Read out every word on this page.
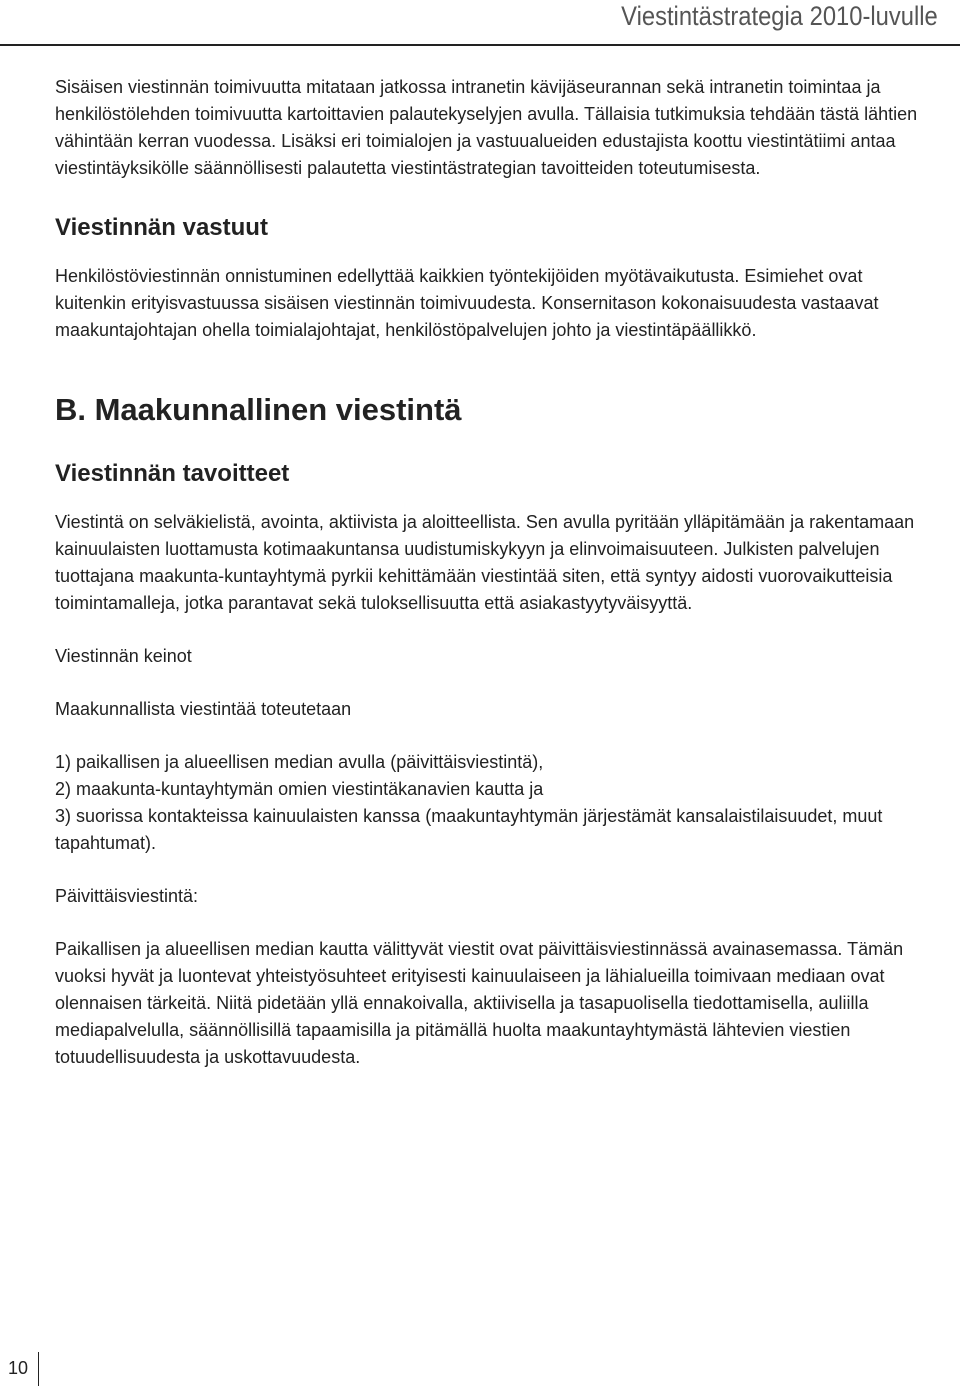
Viestintästrategia 2010-luvulle

Sisäisen viestinnän toimivuutta mitataan jatkossa intranetin kävijäseurannan sekä intranetin toimintaa ja henkilöstölehden toimivuutta kartoittavien palautekyselyjen avulla. Tällaisia tutkimuksia tehdään tästä lähtien vähintään kerran vuodessa. Lisäksi eri toimialojen ja vastuualueiden edustajista koottu viestintätiimi antaa viestintäyksikölle säännöllisesti palautetta viestintästrategian tavoitteiden toteutumisesta.

Viestinnän vastuut

Henkilöstöviestinnän onnistuminen edellyttää kaikkien työntekijöiden myötävaikutusta. Esimiehet ovat kuitenkin erityisvastuussa sisäisen viestinnän toimivuudesta. Konsernitason kokonaisuudesta vastaavat maakuntajohtajan ohella toimialajohtajat, henkilöstöpalvelujen johto ja viestintäpäällikkö.

B. Maakunnallinen viestintä
Viestinnän tavoitteet

Viestintä on selväkielistä, avointa, aktiivista ja aloitteellista. Sen avulla pyritään ylläpitämään ja rakentamaan kainuulaisten luottamusta kotimaakuntansa uudistumiskykyyn ja elinvoimaisuuteen. Julkisten palvelujen tuottajana maakunta-kuntayhtymä pyrkii kehittämään viestintää siten, että syntyy aidosti vuorovaikutteisia toimintamalleja, jotka parantavat sekä tuloksellisuutta että asiakastyytyväisyyttä.

Viestinnän keinot

Maakunnallista viestintää toteutetaan

1) paikallisen ja alueellisen median avulla (päivittäisviestintä),
2) maakunta-kuntayhtymän omien viestintäkanavien kautta ja
3) suorissa kontakteissa kainuulaisten kanssa (maakuntayhtymän järjestämät kansalaistilaisuudet, muut tapahtumat).

Päivittäisviestintä:

Paikallisen ja alueellisen median kautta välittyvät viestit ovat päivittäisviestinnässä avainasemassa. Tämän vuoksi hyvät ja luontevat yhteistyösuhteet erityisesti kainuulaiseen ja lähialueilla toimivaan mediaan ovat olennaisen tärkeitä. Niitä pidetään yllä ennakoivalla, aktiivisella ja tasapuolisella tiedottamisella, auliilla mediapalvelulla, säännöllisillä tapaamisilla ja pitämällä huolta maakuntayhtymästä lähtevien viestien totuudellisuudesta ja uskottavuudesta.

10
